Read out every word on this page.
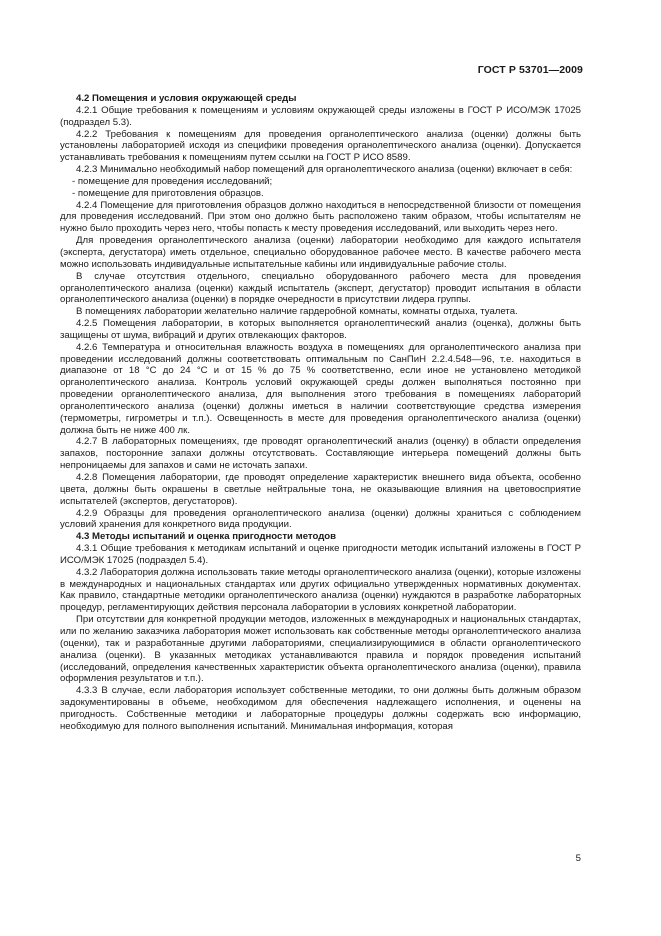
ГОСТ Р 53701—2009

4.2 Помещения и условия окружающей среды

4.2.1 Общие требования к помещениям и условиям окружающей среды изложены в ГОСТ Р ИСО/МЭК 17025 (подраздел 5.3).

4.2.2 Требования к помещениям для проведения органолептического анализа (оценки) должны быть установлены лабораторией исходя из специфики проведения органолептического анализа (оценки). Допускается устанавливать требования к помещениям путем ссылки на ГОСТ Р ИСО 8589.

4.2.3 Минимально необходимый набор помещений для органолептического анализа (оценки) включает в себя:

- помещение для проведения исследований;

- помещение для приготовления образцов.

4.2.4 Помещение для приготовления образцов должно находиться в непосредственной близости от помещения для проведения исследований. При этом оно должно быть расположено таким образом, чтобы испытателям не нужно было проходить через него, чтобы попасть к месту проведения исследований, или выходить через него.

Для проведения органолептического анализа (оценки) лаборатории необходимо для каждого испытателя (эксперта, дегустатора) иметь отдельное, специально оборудованное рабочее место. В качестве рабочего места можно использовать индивидуальные испытательные кабины или индивидуальные рабочие столы.

В случае отсутствия отдельного, специально оборудованного рабочего места для проведения органолептического анализа (оценки) каждый испытатель (эксперт, дегустатор) проводит испытания в области органолептического анализа (оценки) в порядке очередности в присутствии лидера группы.

В помещениях лаборатории желательно наличие гардеробной комнаты, комнаты отдыха, туалета.

4.2.5 Помещения лаборатории, в которых выполняется органолептический анализ (оценка), должны быть защищены от шума, вибраций и других отвлекающих факторов.

4.2.6 Температура и относительная влажность воздуха в помещениях для органолептического анализа при проведении исследований должны соответствовать оптимальным по СанПиН 2.2.4.548—96, т.е. находиться в диапазоне от 18 °С до 24 °С и от 15 % до 75 % соответственно, если иное не установлено методикой органолептического анализа. Контроль условий окружающей среды должен выполняться постоянно при проведении органолептического анализа, для выполнения этого требования в помещениях лабораторий органолептического анализа (оценки) должны иметься в наличии соответствующие средства измерения (термометры, гигрометры и т.п.). Освещенность в месте для проведения органолептического анализа (оценки) должна быть не ниже 400 лк.

4.2.7 В лабораторных помещениях, где проводят органолептический анализ (оценку) в области определения запахов, посторонние запахи должны отсутствовать. Составляющие интерьера помещений должны быть непроницаемы для запахов и сами не источать запахи.

4.2.8 Помещения лаборатории, где проводят определение характеристик внешнего вида объекта, особенно цвета, должны быть окрашены в светлые нейтральные тона, не оказывающие влияния на цветовосприятие испытателей (экспертов, дегустаторов).

4.2.9 Образцы для проведения органолептического анализа (оценки) должны храниться с соблюдением условий хранения для конкретного вида продукции.

4.3 Методы испытаний и оценка пригодности методов

4.3.1 Общие требования к методикам испытаний и оценке пригодности методик испытаний изложены в ГОСТ Р ИСО/МЭК 17025 (подраздел 5.4).

4.3.2 Лаборатория должна использовать такие методы органолептического анализа (оценки), которые изложены в международных и национальных стандартах или других официально утвержденных нормативных документах. Как правило, стандартные методики органолептического анализа (оценки) нуждаются в разработке лабораторных процедур, регламентирующих действия персонала лаборатории в условиях конкретной лаборатории.

При отсутствии для конкретной продукции методов, изложенных в международных и национальных стандартах, или по желанию заказчика лаборатория может использовать как собственные методы органолептического анализа (оценки), так и разработанные другими лабораториями, специализирующимися в области органолептического анализа (оценки). В указанных методиках устанавливаются правила и порядок проведения испытаний (исследований, определения качественных характеристик объекта органолептического анализа (оценки), правила оформления результатов и т.п.).

4.3.3 В случае, если лаборатория использует собственные методики, то они должны быть должным образом задокументированы в объеме, необходимом для обеспечения надлежащего исполнения, и оценены на пригодность. Собственные методики и лабораторные процедуры должны содержать всю информацию, необходимую для полного выполнения испытаний. Минимальная информация, которая

5
